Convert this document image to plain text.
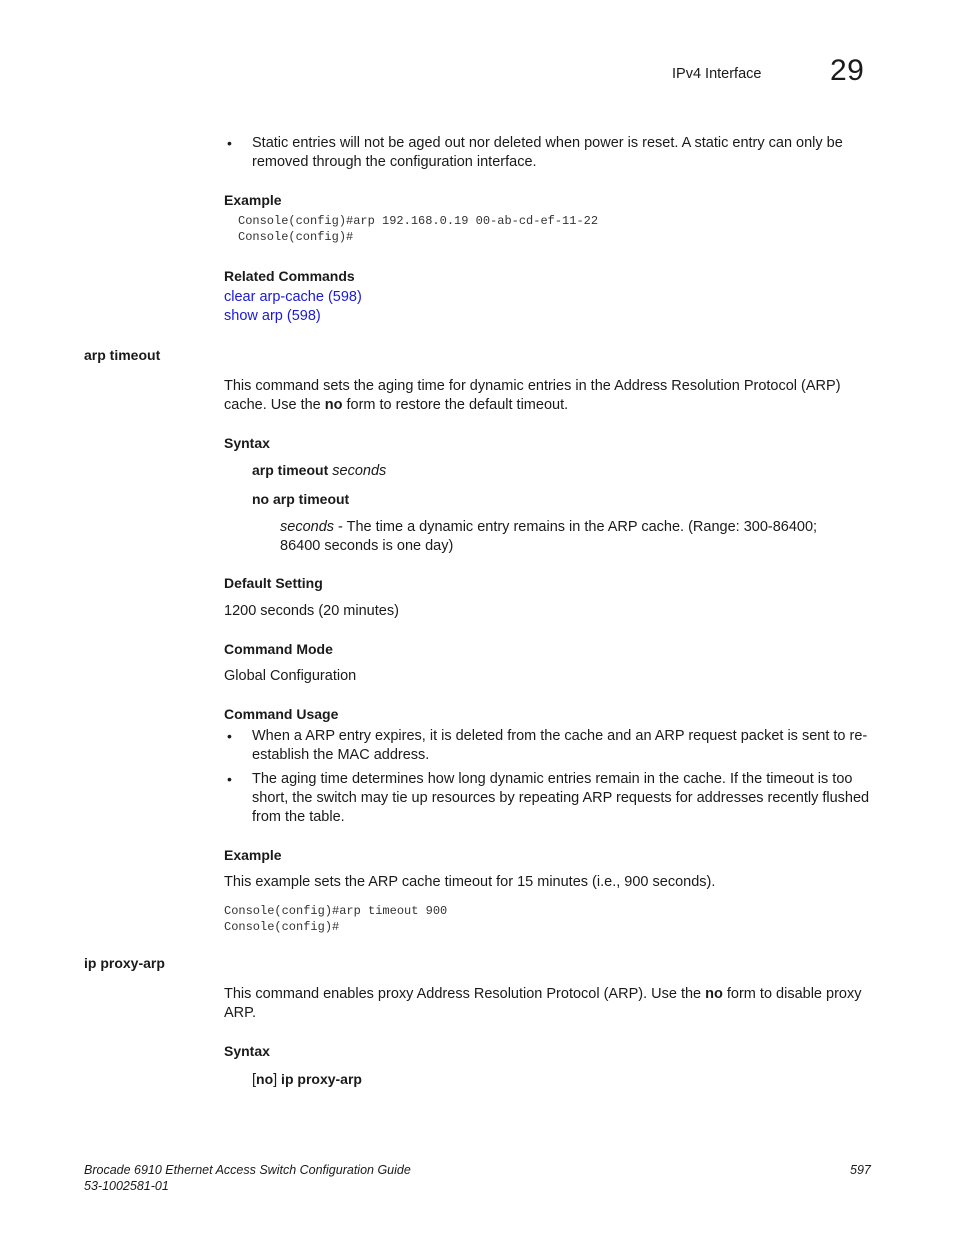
IPv4 Interface 29
• Static entries will not be aged out nor deleted when power is reset. A static entry can only be removed through the configuration interface.
Example
Console(config)#arp 192.168.0.19 00-ab-cd-ef-11-22
Console(config)#
Related Commands
clear arp-cache (598)
show arp (598)
arp timeout
This command sets the aging time for dynamic entries in the Address Resolution Protocol (ARP) cache. Use the no form to restore the default timeout.
Syntax
arp timeout seconds
no arp timeout
seconds - The time a dynamic entry remains in the ARP cache. (Range: 300-86400; 86400 seconds is one day)
Default Setting
1200 seconds (20 minutes)
Command Mode
Global Configuration
Command Usage
• When a ARP entry expires, it is deleted from the cache and an ARP request packet is sent to re-establish the MAC address.
• The aging time determines how long dynamic entries remain in the cache. If the timeout is too short, the switch may tie up resources by repeating ARP requests for addresses recently flushed from the table.
Example
This example sets the ARP cache timeout for 15 minutes (i.e., 900 seconds).
Console(config)#arp timeout 900
Console(config)#
ip proxy-arp
This command enables proxy Address Resolution Protocol (ARP). Use the no form to disable proxy ARP.
Syntax
[no] ip proxy-arp
Brocade 6910 Ethernet Access Switch Configuration Guide
53-1002581-01
597
